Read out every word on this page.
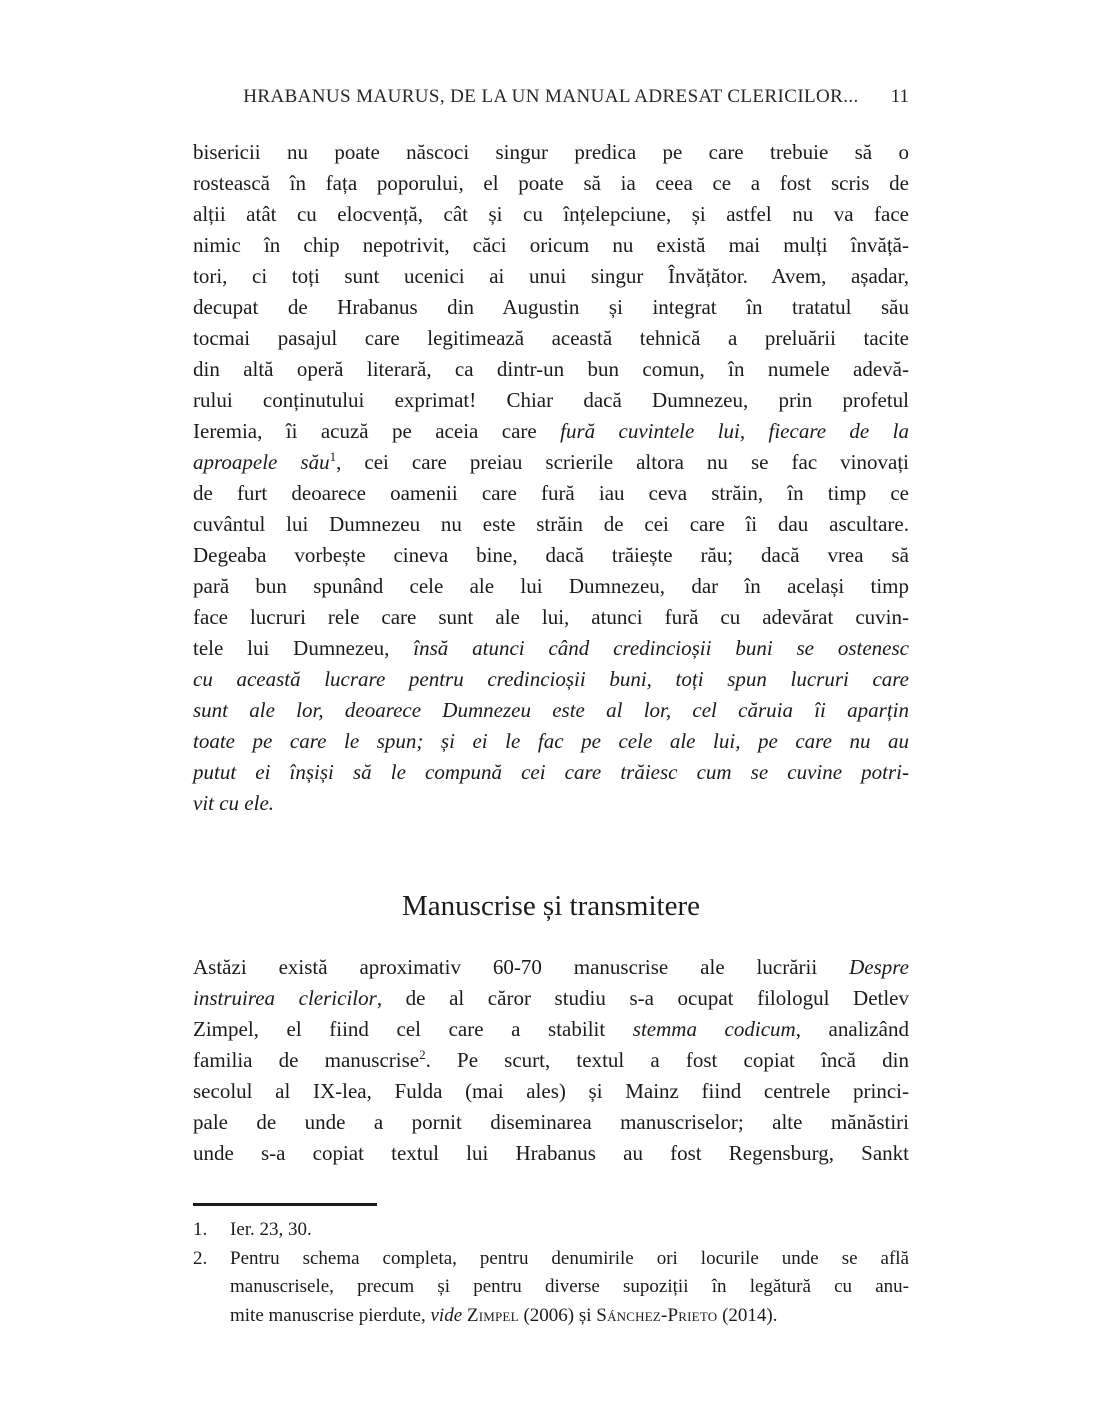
HRABANUS MAURUS, DE LA UN MANUAL ADRESAT CLERICILOR...	11
bisericii nu poate născoci singur predica pe care trebuie să o
rostească în fața poporului, el poate să ia ceea ce a fost scris de
alții atât cu elocvență, cât și cu înțelepciune, și astfel nu va face
nimic în chip nepotrivit, căci oricum nu există mai mulți învăță-
tori, ci toți sunt ucenici ai unui singur Învățător. Avem, așadar,
decupat de Hrabanus din Augustin și integrat în tratatul său
tocmai pasajul care legitimează această tehnică a preluării tacite
din altă operă literară, ca dintr-un bun comun, în numele adevă-
rului conținutului exprimat! Chiar dacă Dumnezeu, prin profetul
Ieremia, îi acuză pe aceia care fură cuvintele lui, fiecare de la
aproapele său$^1$, cei care preiau scrierile altora nu se fac vinovați
de furt deoarece oamenii care fură iau ceva străin, în timp ce
cuvântul lui Dumnezeu nu este străin de cei care îi dau ascultare.
Degeaba vorbește cineva bine, dacă trăiește rău; dacă vrea să
pară bun spunând cele ale lui Dumnezeu, dar în același timp
face lucruri rele care sunt ale lui, atunci fură cu adevărat cuvin-
tele lui Dumnezeu, însă atunci când credincioșii buni se ostenesc
cu această lucrare pentru credincioșii buni, toți spun lucruri care
sunt ale lor, deoarece Dumnezeu este al lor, cel căruia îi aparțin
toate pe care le spun; și ei le fac pe cele ale lui, pe care nu au
putut ei înșiși să le compună cei care trăiesc cum se cuvine potri-
vit cu ele.
Manuscrise și transmitere
Astăzi există aproximativ 60-70 manuscrise ale lucrării Despre
instruirea clericilor, de al căror studiu s-a ocupat filologul Detlev
Zimpel, el fiind cel care a stabilit stemma codicum, analizând
familia de manuscrise$^2$. Pe scurt, textul a fost copiat încă din
secolul al IX-lea, Fulda (mai ales) și Mainz fiind centrele princi-
pale de unde a pornit diseminarea manuscriselor; alte mănăstiri
unde s-a copiat textul lui Hrabanus au fost Regensburg, Sankt
1. Ier. 23, 30.
2. Pentru schema completa, pentru denumirile ori locurile unde se află
manuscrisele, precum și pentru diverse supoziții în legătură cu anu-
mite manuscrise pierdute, vide Zimpel (2006) și Sánchez-Prieto (2014).
